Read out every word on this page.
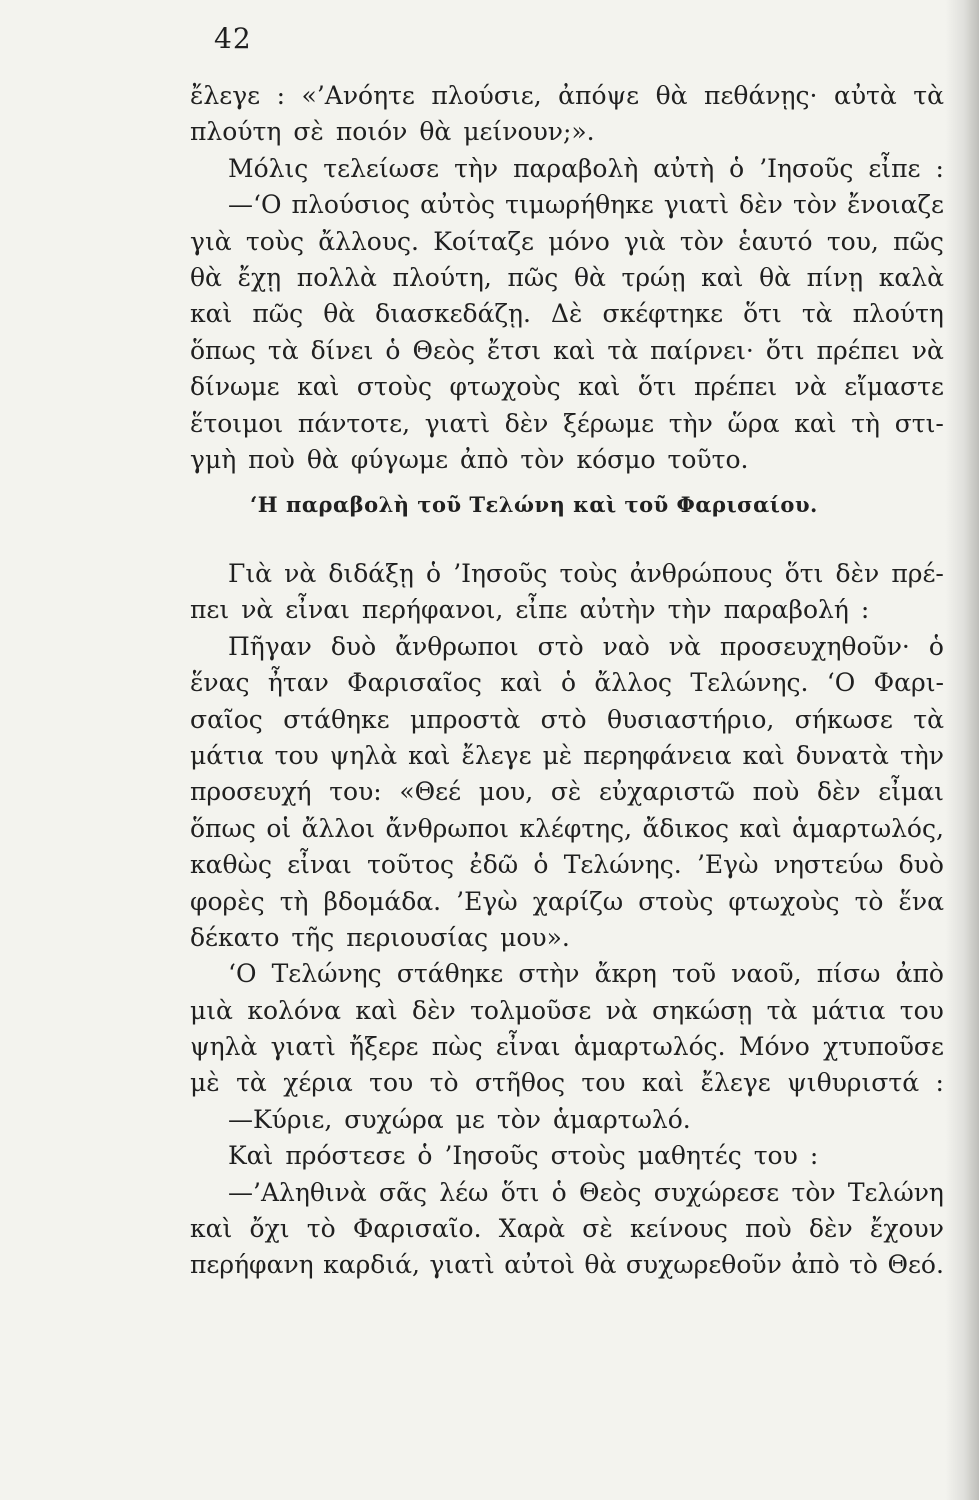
42
ἔλεγε : «’Ανόητε πλούσιε, ἀπόψε θὰ πεθάνῃς· αὐτὰ τὰ
πλούτη σὲ ποιόν θὰ μείνουν;».
Μόλις τελείωσε τὴν παραβολὴ αὐτὴ ὁ ’Ιησοῦς εἶπε :
—‘Ο πλούσιος αὐτὸς τιμωρήθηκε γιατὶ δὲν τὸν ἔνοιαζε
γιὰ τοὺς ἄλλους. Κοίταζε μόνο γιὰ τὸν ἑαυτό του, πῶς
θὰ ἔχῃ πολλὰ πλούτη, πῶς θὰ τρώῃ καὶ θὰ πίνῃ καλὰ
καὶ πῶς θὰ διασκεδάζῃ. Δὲ σκέφτηκε ὅτι τὰ πλούτη
ὅπως τὰ δίνει ὁ Θεὸς ἔτσι καὶ τὰ παίρνει· ὅτι πρέπει νὰ
δίνωμε καὶ στοὺς φτωχοὺς καὶ ὅτι πρέπει νὰ εἴμαστε
ἕτοιμοι πάντοτε, γιατὶ δὲν ξέρωμε τὴν ὥρα καὶ τὴ στι-
γμὴ ποὺ θὰ φύγωμε ἀπὸ τὸν κόσμο τοῦτο.
‘Η παραβολὴ τοῦ Τελώνη καὶ τοῦ Φαρισαίου.
Γιὰ νὰ διδάξῃ ὁ ’Ιησοῦς τοὺς ἀνθρώπους ὅτι δὲν πρέ-
πει νὰ εἶναι περήφανοι, εἶπε αὐτὴν τὴν παραβολή :
Πῆγαν δυὸ ἄνθρωποι στὸ ναὸ νὰ προσευχηθοῦν· ὁ
ἕνας ἦταν Φαρισαῖος καὶ ὁ ἄλλος Τελώνης. ‘Ο Φαρι-
σαῖος στάθηκε μπροστὰ στὸ θυσιαστήριο, σήκωσε τὰ
μάτια του ψηλὰ καὶ ἔλεγε μὲ περηφάνεια καὶ δυνατὰ τὴν
προσευχή του: «Θεέ μου, σὲ εὐχαριστῶ ποὺ δὲν εἶμαι
ὅπως οἱ ἄλλοι ἄνθρωποι κλέφτης, ἄδικος καὶ ἁμαρτωλός,
καθὼς εἶναι τοῦτος ἐδῶ ὁ Τελώνης. ’Εγὼ νηστεύω δυὸ
φορὲς τὴ βδομάδα. ’Εγὼ χαρίζω στοὺς φτωχοὺς τὸ ἕνα
δέκατο τῆς περιουσίας μου».
‘Ο Τελώνης στάθηκε στὴν ἄκρη τοῦ ναοῦ, πίσω ἀπὸ
μιὰ κολόνα καὶ δὲν τολμοῦσε νὰ σηκώσῃ τὰ μάτια του
ψηλὰ γιατὶ ἤξερε πὼς εἶναι ἁμαρτωλός. Μόνο χτυποῦσε
μὲ τὰ χέρια του τὸ στῆθος του καὶ ἔλεγε ψιθυριστά :
—Κύριε, συχώρα με τὸν ἁμαρτωλό.
Καὶ πρόστεσε ὁ ’Ιησοῦς στοὺς μαθητές του :
—’Αληθινὰ σᾶς λέω ὅτι ὁ Θεὸς συχώρεσε τὸν Τελώνη
καὶ ὄχι τὸ Φαρισαῖο. Χαρὰ σὲ κείνους ποὺ δὲν ἔχουν
περήφανη καρδιά, γιατὶ αὐτοὶ θὰ συχωρεθοῦν ἀπὸ τὸ Θεό.
